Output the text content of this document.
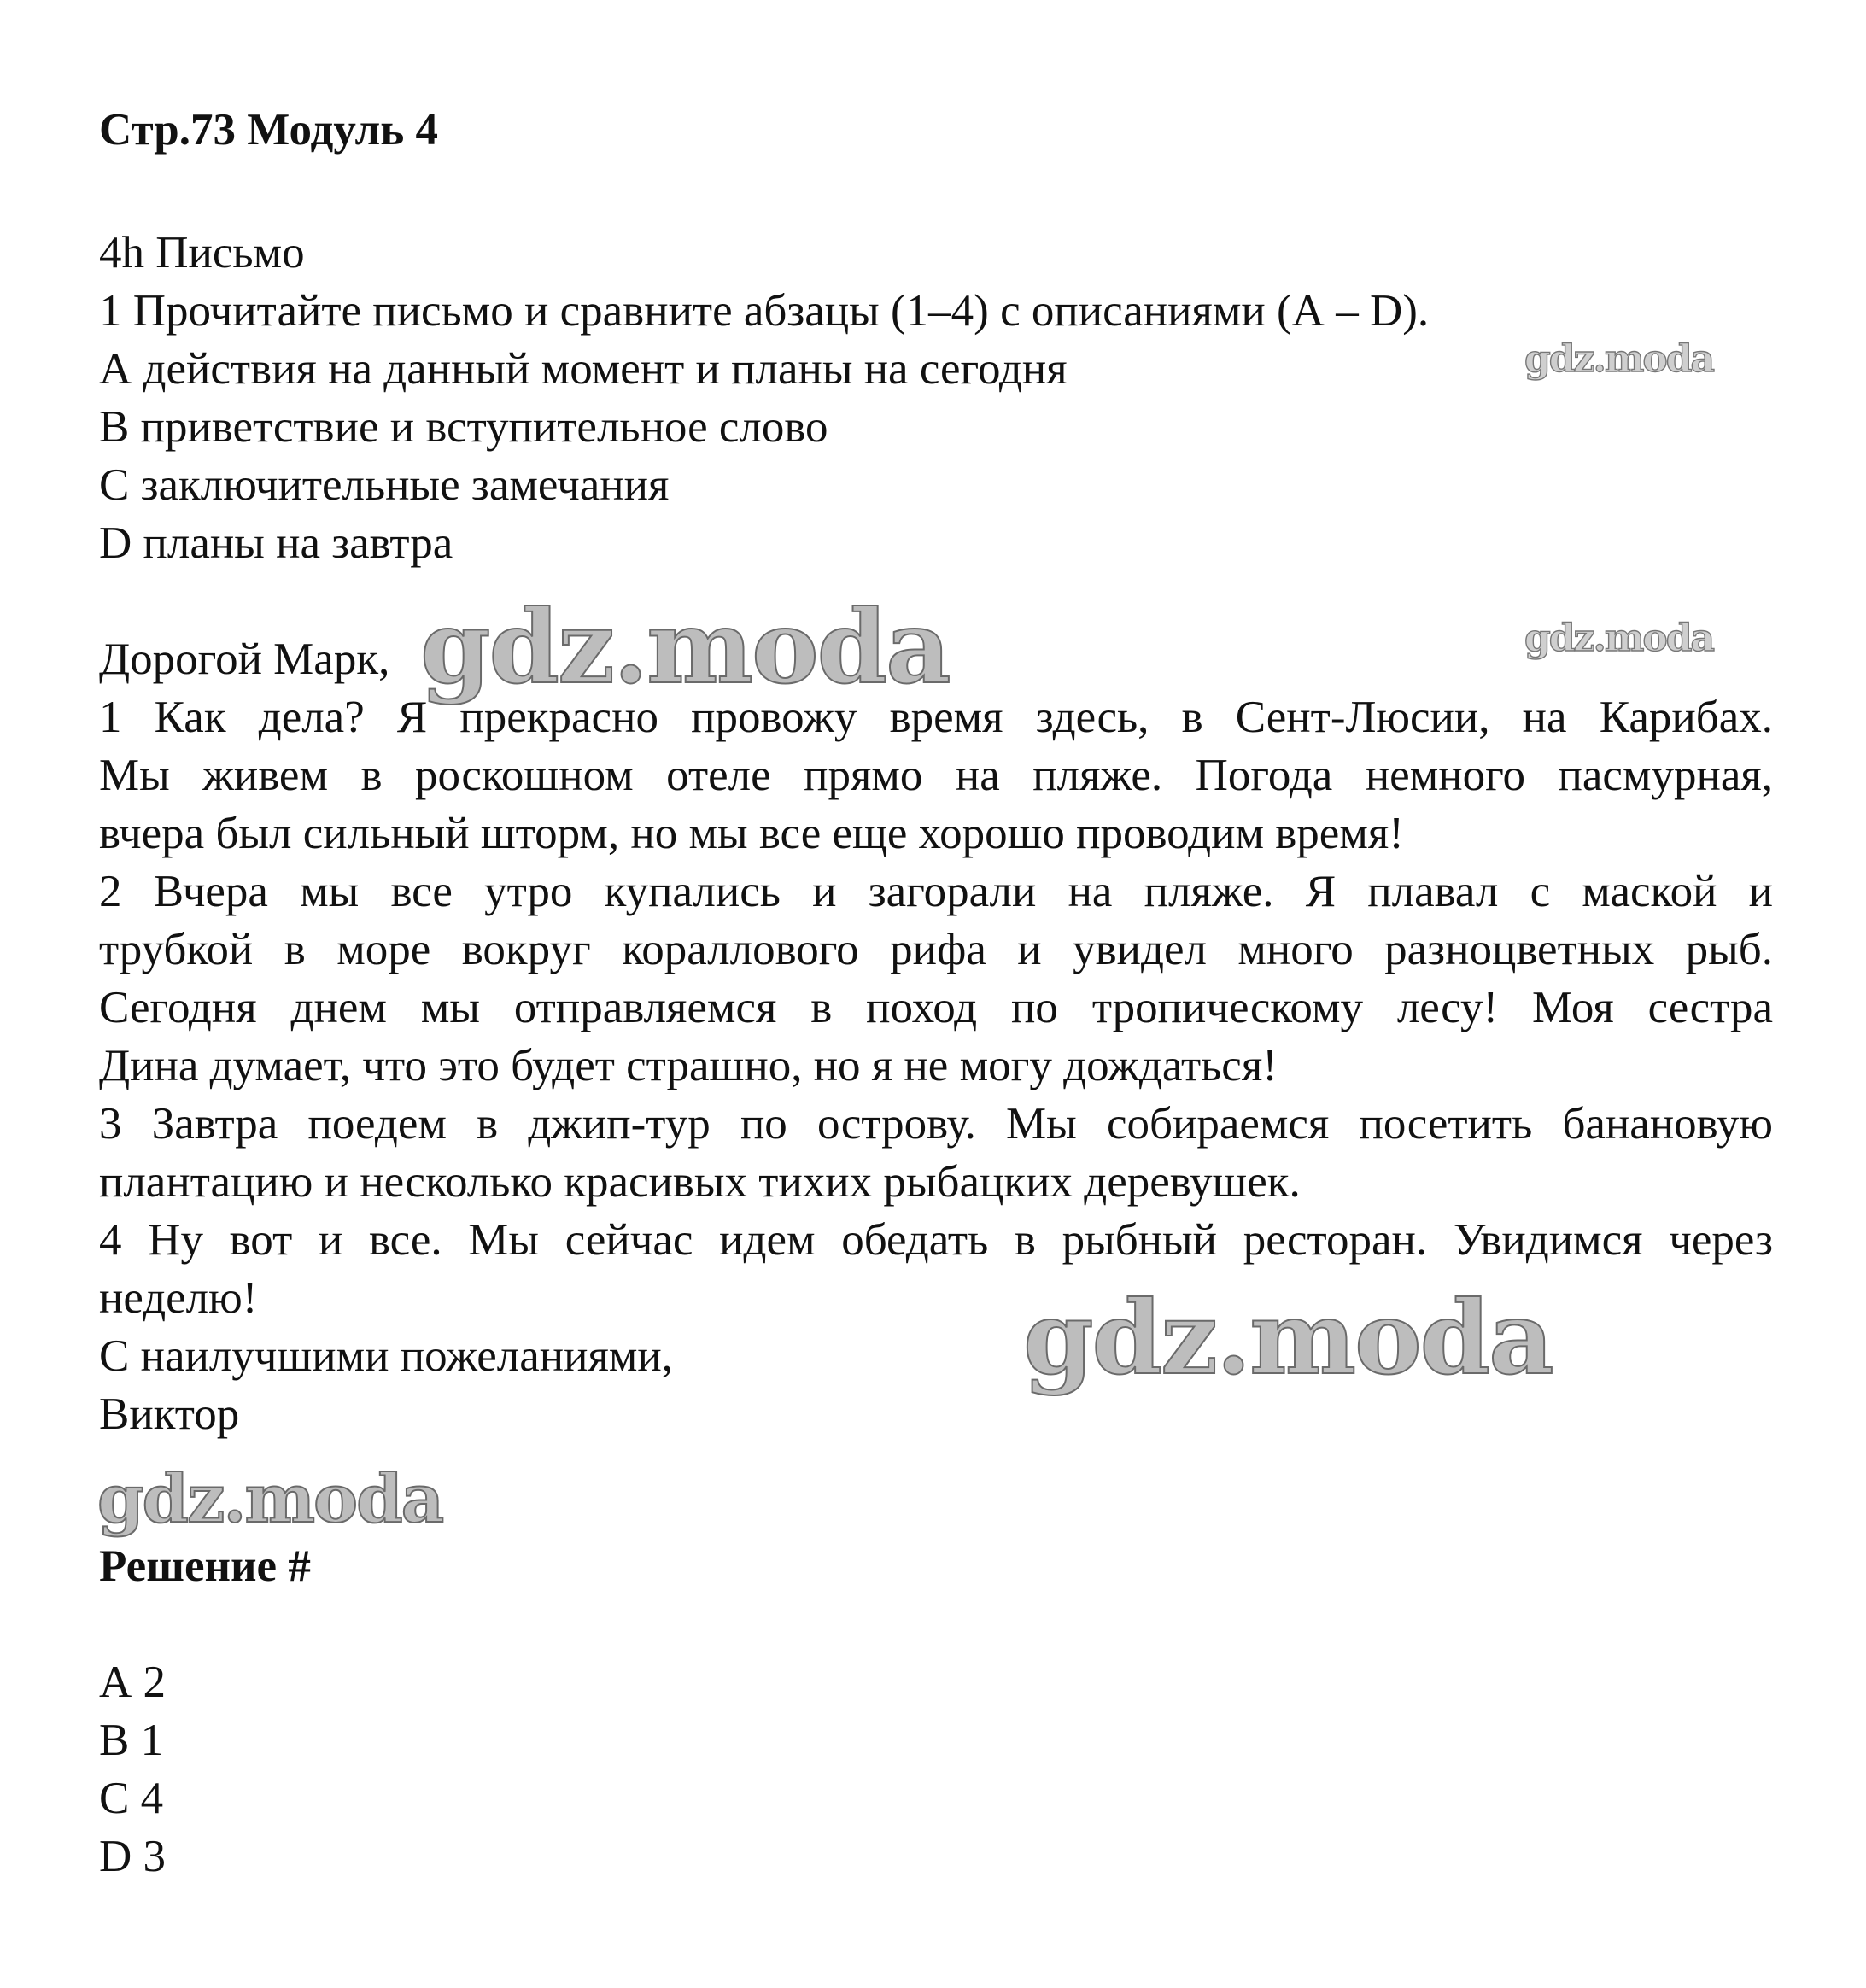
Стр.73 Модуль 4
4h Письмо
1 Прочитайте письмо и сравните абзацы (1–4) с описаниями (А – D).
А действия на данный момент и планы на сегодня
В приветствие и вступительное слово
С заключительные замечания
D планы на завтра
Дорогой Марк,
1 Как дела? Я прекрасно провожу время здесь, в Сент-Люсии, на Карибах.
Мы живем в роскошном отеле прямо на пляже. Погода немного пасмурная,
вчера был сильный шторм, но мы все еще хорошо проводим время!
2 Вчера мы все утро купались и загорали на пляже. Я плавал с маской и
трубкой в море вокруг кораллового рифа и увидел много разноцветных рыб.
Сегодня днем мы отправляемся в поход по тропическому лесу! Моя сестра
Дина думает, что это будет страшно, но я не могу дождаться!
3 Завтра поедем в джип-тур по острову. Мы собираемся посетить банановую
плантацию и несколько красивых тихих рыбацких деревушек.
4 Ну вот и все. Мы сейчас идем обедать в рыбный ресторан. Увидимся через
неделю!
С наилучшими пожеланиями,
Виктор
Решение #
А 2
В 1
С 4
D 3
gdz.moda
gdz.moda
gdz.moda
gdz.moda
gdz.moda
